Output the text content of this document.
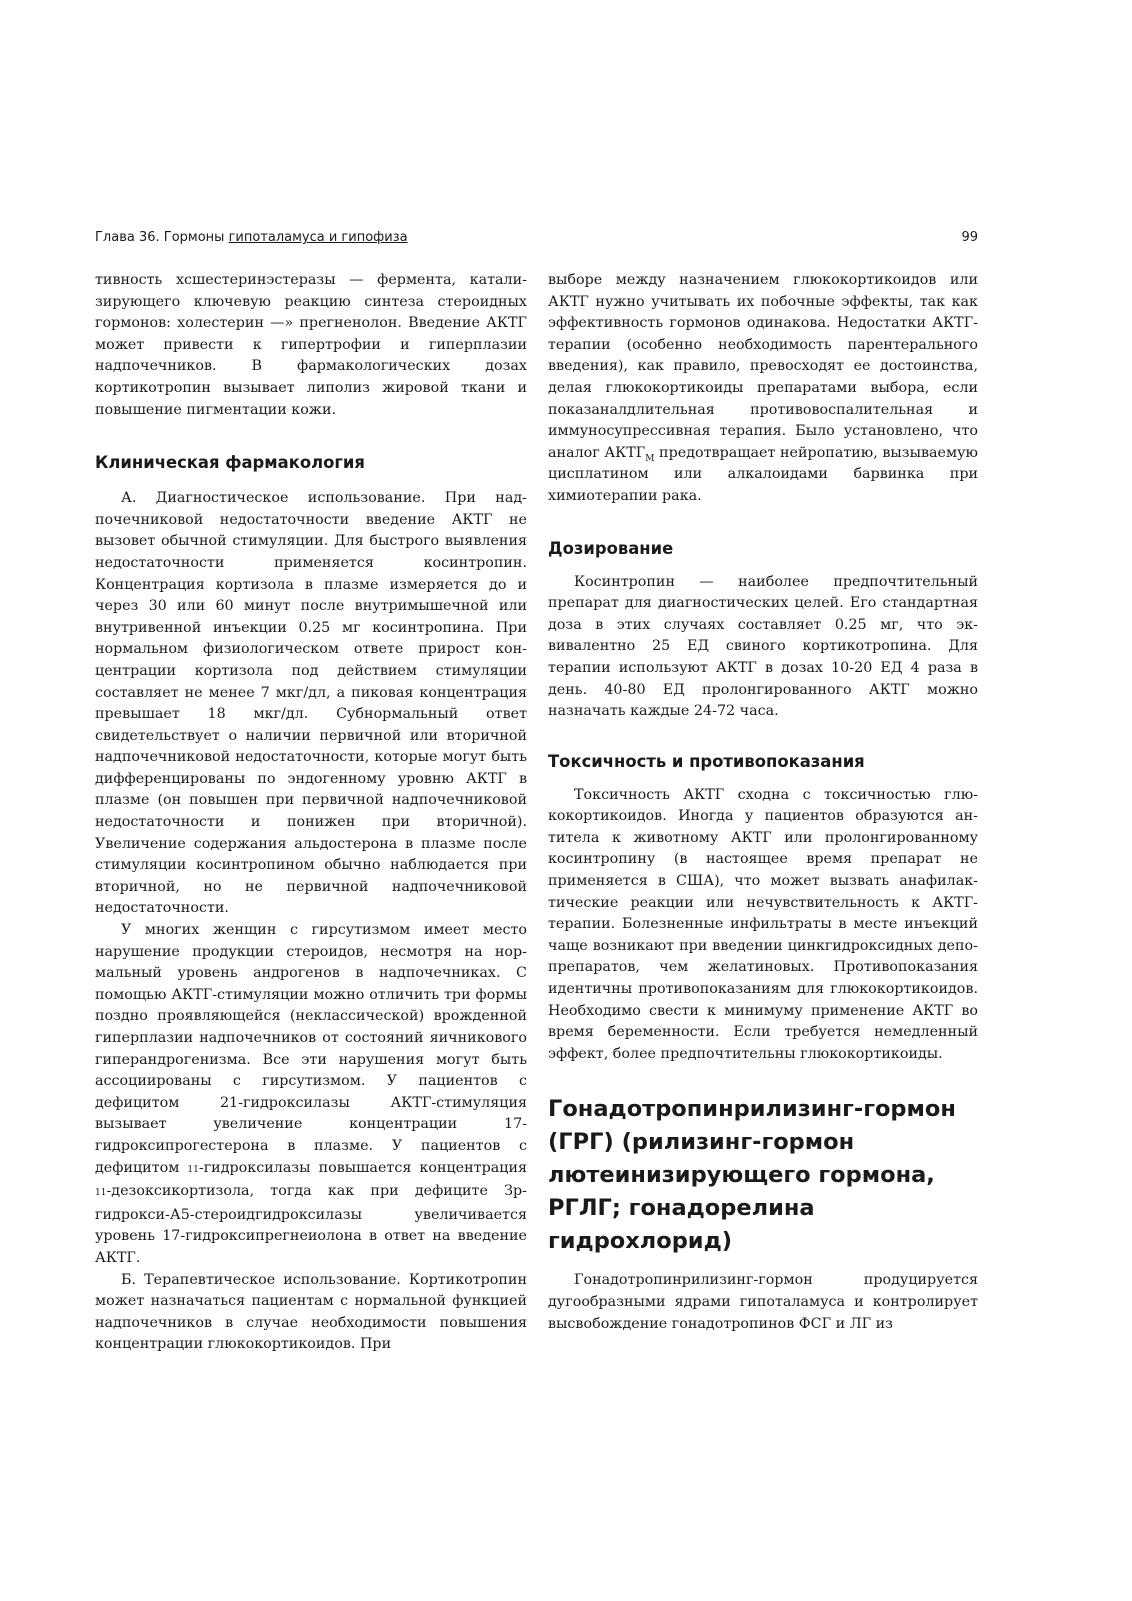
Глава 36. Гормоны гипоталамуса и гипофиза	99

тивность хсшестеринэстеразы — фермента, катализирующего ключевую реакцию синтеза стероидных гормонов: холестерин —» прегненолон. Введение АКТГ может привести к гипертрофии и гиперплазии надпочечников. В фармакологических дозах кортикотропин вызывает липолиз жировой ткани и повышение пигментации кожи.

Клиническая фармакология

А. Диагностическое использование. При надпочечниковой недостаточности введение АКТГ не вызовет обычной стимуляции. Для быстрого выявления недостаточности применяется косинтропин. Концентрация кортизола в плазме измеряется до и через 30 или 60 минут после внутримышечной или внутривенной инъекции 0.25 мг косинтропина. При нормальном физиологическом ответе прирост концентрации кортизола под действием стимуляции составляет не менее 7 мкг/дл, а пиковая концентрация превышает 18 мкг/дл. Субнормальный ответ свидетельствует о наличии первичной или вторичной надпочечниковой недостаточности, которые могут быть дифференцированы по эндогенному уровню АКТГ в плазме (он повышен при первичной надпочечниковой недостаточности и понижен при вторичной). Увеличение содержания альдостерона в плазме после стимуляции косинтропином обычно наблюдается при вторичной, но не первичной надпочечниковой недостаточности.

У многих женщин с гирсутизмом имеет место нарушение продукции стероидов, несмотря на нормальный уровень андрогенов в надпочечниках. С помощью АКТГ-стимуляции можно отличить три формы поздно проявляющейся (неклассической) врожденной гиперплазии надпочечников от состояний яичникового гиперандрогенизма. Все эти нарушения могут быть ассоциированы с гирсутизмом. У пациентов с дефицитом 21-гидроксилазы АКТГ-стимуляция вызывает увеличение концентрации 17-гидроксипрогестерона в плазме. У пациентов с дефицитом 11-гидроксилазы повышается концентрация 11-дезоксикортизола, тогда как при дефиците Зр-гидрокси-А5-стероидгидроксилазы увеличивается уровень 17-гидроксипрегнеиолона в ответ на введение АКТГ.

Б. Терапевтическое использование. Кортикотропин может назначаться пациентам с нормальной функцией надпочечников в случае необходимости повышения концентрации глюкокортикоидов. При

выборе между назначением глюкокортикоидов или АКТГ нужно учитывать их побочные эффекты, так как эффективность гормонов одинакова. Недостатки АКТГ-терапии (особенно необходимость парентерального введения), как правило, превосходят ее достоинства, делая глюкокортикоиды препаратами выбора, если показаналдлительная противовоспалительная и иммуносупрессивная терапия. Было установлено, что аналог $АКТГ_М$ предотвращает нейропатию, вызываемую цисплатином или алкалоидами барвинка при химиотерапии рака.

Дозирование

Косинтропин — наиболее предпочтительный препарат для диагностических целей. Его стандартная доза в этих случаях составляет 0.25 мг, что эквивалентно 25 ЕД свиного кортикотропина. Для терапии используют АКТГ в дозах 10-20 ЕД 4 раза в день. 40-80 ЕД пролонгированного АКТГ можно назначать каждые 24-72 часа.

Токсичность и противопоказания

Токсичность АКТГ сходна с токсичностью глюкокортикоидов. Иногда у пациентов образуются антитела к животному АКТГ или пролонгированному косинтропину (в настоящее время препарат не применяется в США), что может вызвать анафилактические реакции или нечувствительность к АКТГ-терапии. Болезненные инфильтраты в месте инъекций чаще возникают при введении цинкгидроксидных депо-препаратов, чем желатиновых. Противопоказания идентичны противопоказаниям для глюкокортикоидов. Необходимо свести к минимуму применение АКТГ во время беременности. Если требуется немедленный эффект, более предпочтительны глюкокортикоиды.

Гонадотропинрилизинг-гормон (ГРГ) (рилизинг-гормон лютеинизирующего гормона, РГЛГ; гонадорелина гидрохлорид)

Гонадотропинрилизинг-гормон продуцируется дугообразными ядрами гипоталамуса и контролирует высвобождение гонадотропинов ФСГ и ЛГ из
